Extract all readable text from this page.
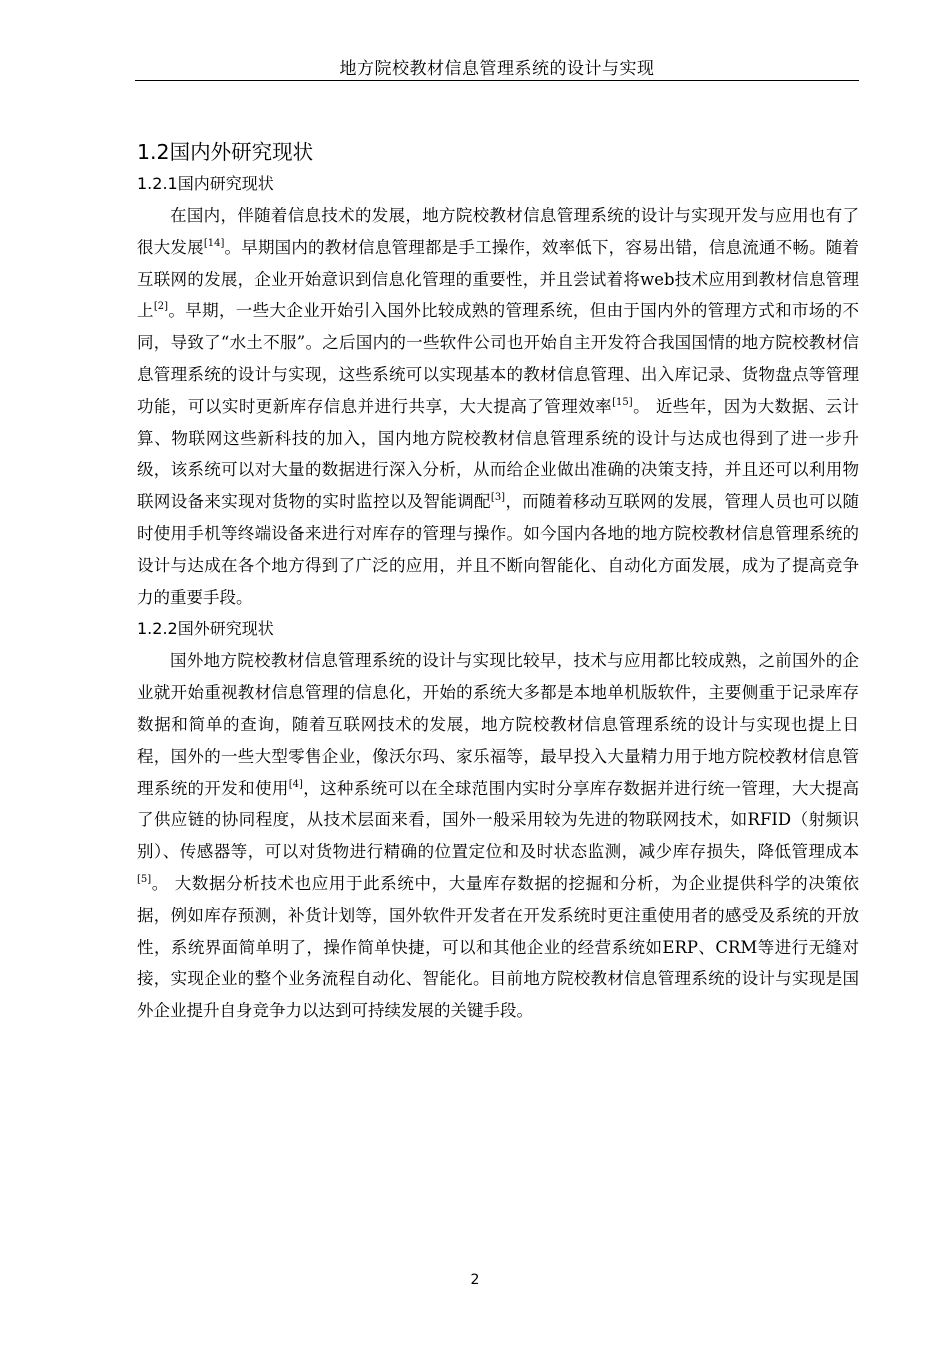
地方院校教材信息管理系统的设计与实现
1.2国内外研究现状
1.2.1国内研究现状

在国内，伴随着信息技术的发展，地方院校教材信息管理系统的设计与实现开发与应用也有了很大发展[14]。早期国内的教材信息管理都是手工操作，效率低下，容易出错，信息流通不畅。随着互联网的发展，企业开始意识到信息化管理的重要性，并且尝试着将web技术应用到教材信息管理上[2]。早期，一些大企业开始引入国外比较成熟的管理系统，但由于国内外的管理方式和市场的不同，导致了“水土不服”。之后国内的一些软件公司也开始自主开发符合我国国情的地方院校教材信息管理系统的设计与实现，这些系统可以实现基本的教材信息管理、出入库记录、货物盘点等管理功能，可以实时更新库存信息并进行共享，大大提高了管理效率[15]。 近些年，因为大数据、云计算、物联网这些新科技的加入，国内地方院校教材信息管理系统的设计与达成也得到了进一步升级，该系统可以对大量的数据进行深入分析，从而给企业做出准确的决策支持，并且还可以利用物联网设备来实现对货物的实时监控以及智能调配[3]，而随着移动互联网的发展，管理人员也可以随时使用手机等终端设备来进行对库存的管理与操作。如今国内各地的地方院校教材信息管理系统的设计与达成在各个地方得到了广泛的应用，并且不断向智能化、自动化方面发展，成为了提高竞争力的重要手段。

1.2.2国外研究现状

国外地方院校教材信息管理系统的设计与实现比较早，技术与应用都比较成熟，之前国外的企业就开始重视教材信息管理的信息化，开始的系统大多都是本地单机版软件，主要侧重于记录库存数据和简单的查询，随着互联网技术的发展，地方院校教材信息管理系统的设计与实现也提上日程，国外的一些大型零售企业，像沃尔玛、家乐福等，最早投入大量精力用于地方院校教材信息管理系统的开发和使用[4]，这种系统可以在全球范围内实时分享库存数据并进行统一管理，大大提高了供应链的协同程度，从技术层面来看，国外一般采用较为先进的物联网技术，如RFID（射频识别）、传感器等，可以对货物进行精确的位置定位和及时状态监测，减少库存损失，降低管理成本[5]。 大数据分析技术也应用于此系统中，大量库存数据的挖掘和分析，为企业提供科学的决策依据，例如库存预测，补货计划等，国外软件开发者在开发系统时更注重使用者的感受及系统的开放性，系统界面简单明了，操作简单快捷，可以和其他企业的经营系统如ERP、CRM等进行无缝对接，实现企业的整个业务流程自动化、智能化。目前地方院校教材信息管理系统的设计与实现是国外企业提升自身竞争力以达到可持续发展的关键手段。

2
